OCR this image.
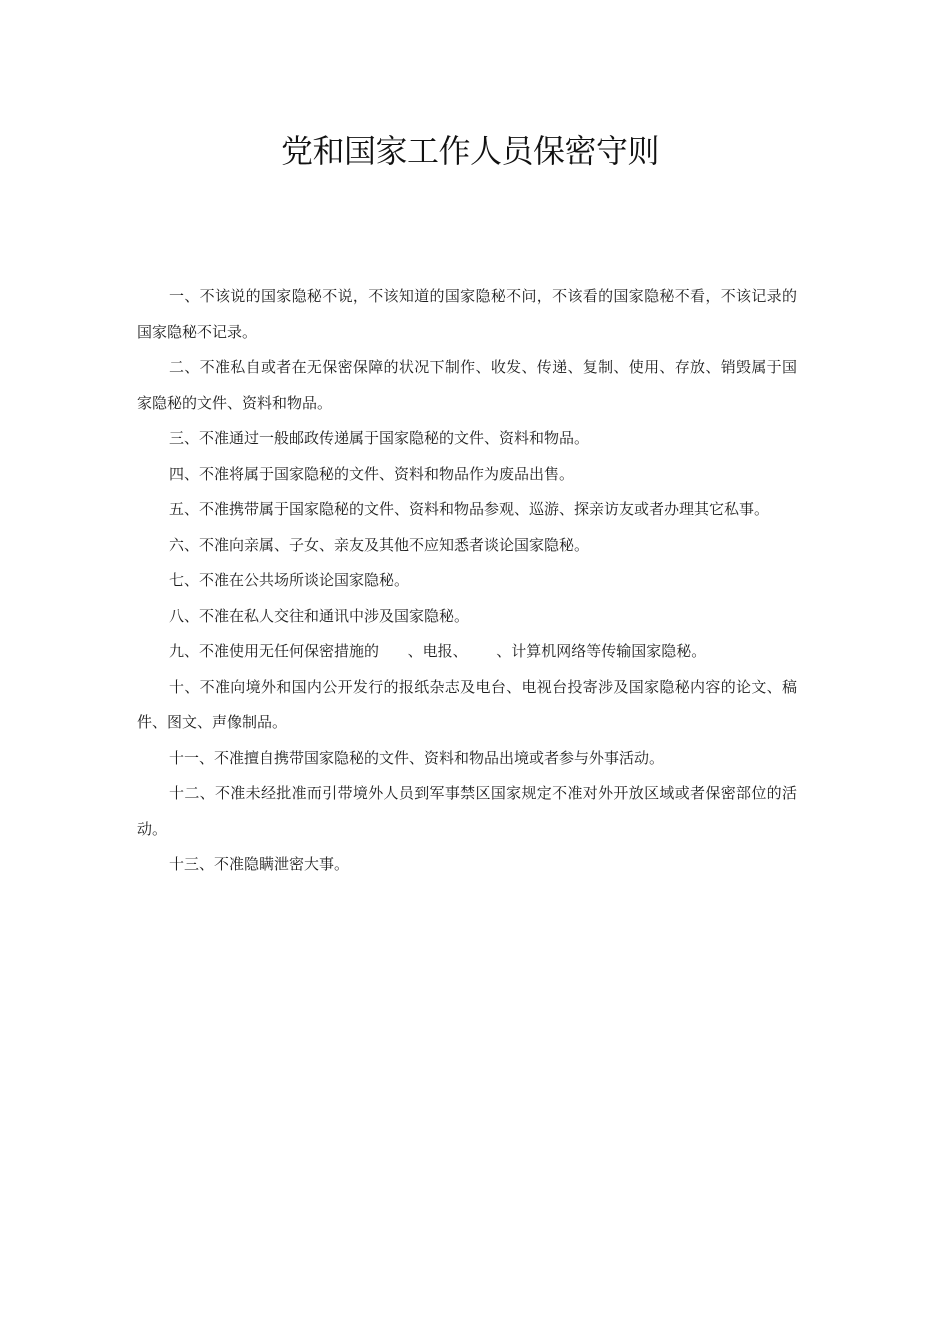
党和国家工作人员保密守则

一、不该说的国家隐秘不说，不该知道的国家隐秘不问，不该看的国家隐秘不看，不该记录的国家隐秘不记录。

二、不准私自或者在无保密保障的状况下制作、收发、传递、复制、使用、存放、销毁属于国家隐秘的文件、资料和物品。

三、不准通过一般邮政传递属于国家隐秘的文件、资料和物品。

四、不准将属于国家隐秘的文件、资料和物品作为废品出售。

五、不准携带属于国家隐秘的文件、资料和物品参观、巡游、探亲访友或者办理其它私事。

六、不准向亲属、子女、亲友及其他不应知悉者谈论国家隐秘。

七、不准在公共场所谈论国家隐秘。

八、不准在私人交往和通讯中涉及国家隐秘。

九、不准使用无任何保密措施的      、电报、      、计算机网络等传输国家隐秘。

十、不准向境外和国内公开发行的报纸杂志及电台、电视台投寄涉及国家隐秘内容的论文、稿件、图文、声像制品。

十一、不准擅自携带国家隐秘的文件、资料和物品出境或者参与外事活动。

十二、不准未经批准而引带境外人员到军事禁区国家规定不准对外开放区域或者保密部位的活动。

十三、不准隐瞒泄密大事。
